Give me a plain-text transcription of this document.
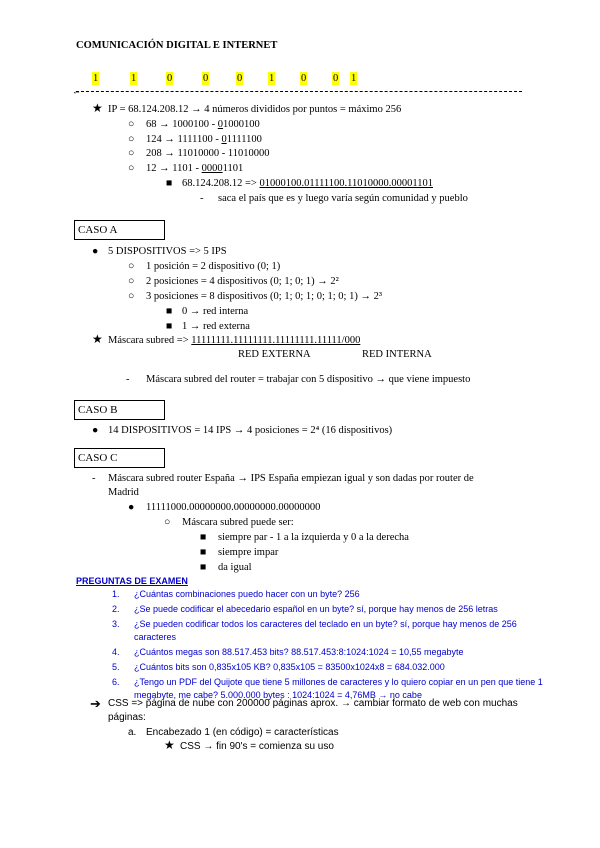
COMUNICACIÓN DIGITAL E INTERNET
1	1	0	0	0	1	0	0 1
←
★ IP = 68.124.208.12 → 4 números divididos por puntos = máximo 256
○ 68 → 1000100 - 01000100
○ 124 → 1111100 - 01111100
○ 208 → 11010000 - 11010000
○ 12 → 1101 - 00001101
■ 68.124.208.12 => 01000100.01111100.11010000.00001101
- saca el país que es y luego varía según comunidad y pueblo
CASO A
● 5 DISPOSITIVOS => 5 IPS
○ 1 posición = 2 dispositivo (0; 1)
○ 2 posiciones = 4 dispositivos (0; 1; 0; 1) → 2²
○ 3 posiciones = 8 dispositivos (0; 1; 0; 1; 0; 1; 0; 1) → 2³
■ 0 → red interna
■ 1 → red externa
★ Máscara subred => 11111111.11111111.11111111.11111/000
RED EXTERNA	RED INTERNA
- Máscara subred del router = trabajar con 5 dispositivo → que viene impuesto
CASO B
● 14 DISPOSITIVOS = 14 IPS → 4 posiciones = 2⁴ (16 dispositivos)
CASO C
- Máscara subred router España → IPS España empiezan igual y son dadas por router de
Madrid
● 11111000.00000000.00000000.00000000
○ Máscara subred puede ser:
■ siempre par - 1 a la izquierda y 0 a la derecha
■ siempre impar
■ da igual
PREGUNTAS DE EXAMEN
1. ¿Cuántas combinaciones puedo hacer con un byte? 256
2. ¿Se puede codificar el abecedario español en un byte? sí, porque hay menos de 256 letras
3. ¿Se pueden codificar todos los caracteres del teclado en un byte? sí, porque hay menos de 256
caracteres
4. ¿Cuántos megas son 88.517.453 bits? 88.517.453:8:1024:1024 = 10,55 megabyte
5. ¿Cuántos bits son 0,835x105 KB? 0,835x105 = 83500x1024x8 = 684.032.000
6. ¿Tengo un PDF del Quijote que tiene 5 millones de caracteres y lo quiero copiar en un pen que tiene 1
megabyte, me cabe? 5.000.000 bytes : 1024:1024 = 4,76MB → no cabe
➔ CSS => página de nube con 200000 páginas aprox. → cambiar formato de web con muchas
páginas:
a. Encabezado 1 (en código) = características
★ CSS → fin 90's = comienza su uso
